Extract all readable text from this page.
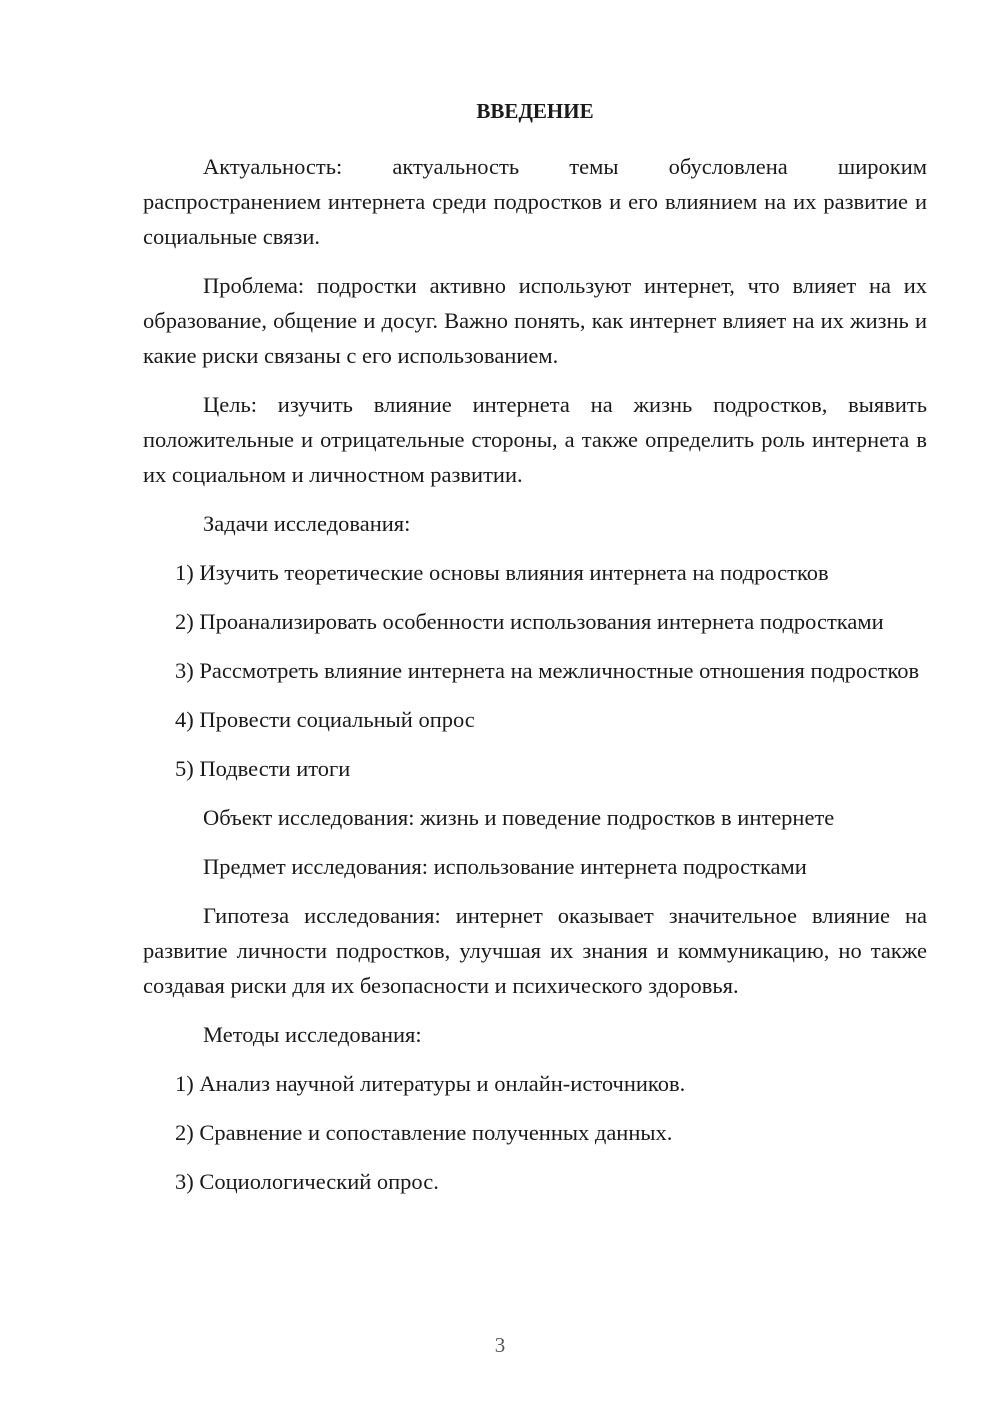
ВВЕДЕНИЕ

Актуальность: актуальность темы обусловлена широким распространением интернета среди подростков и его влиянием на их развитие и социальные связи.

Проблема: подростки активно используют интернет, что влияет на их образование, общение и досуг. Важно понять, как интернет влияет на их жизнь и какие риски связаны с его использованием.

Цель: изучить влияние интернета на жизнь подростков, выявить положительные и отрицательные стороны, а также определить роль интернета в их социальном и личностном развитии.

Задачи исследования:

1) Изучить теоретические основы влияния интернета на подростков

2) Проанализировать особенности использования интернета подростками

3) Рассмотреть влияние интернета на межличностные отношения подростков

4) Провести социальный опрос

5) Подвести итоги

Объект исследования: жизнь и поведение подростков в интернете

Предмет исследования: использование интернета подростками

Гипотеза исследования: интернет оказывает значительное влияние на развитие личности подростков, улучшая их знания и коммуникацию, но также создавая риски для их безопасности и психического здоровья.

Методы исследования:

1) Анализ научной литературы и онлайн-источников.

2) Сравнение и сопоставление полученных данных.

3) Социологический опрос.

3
